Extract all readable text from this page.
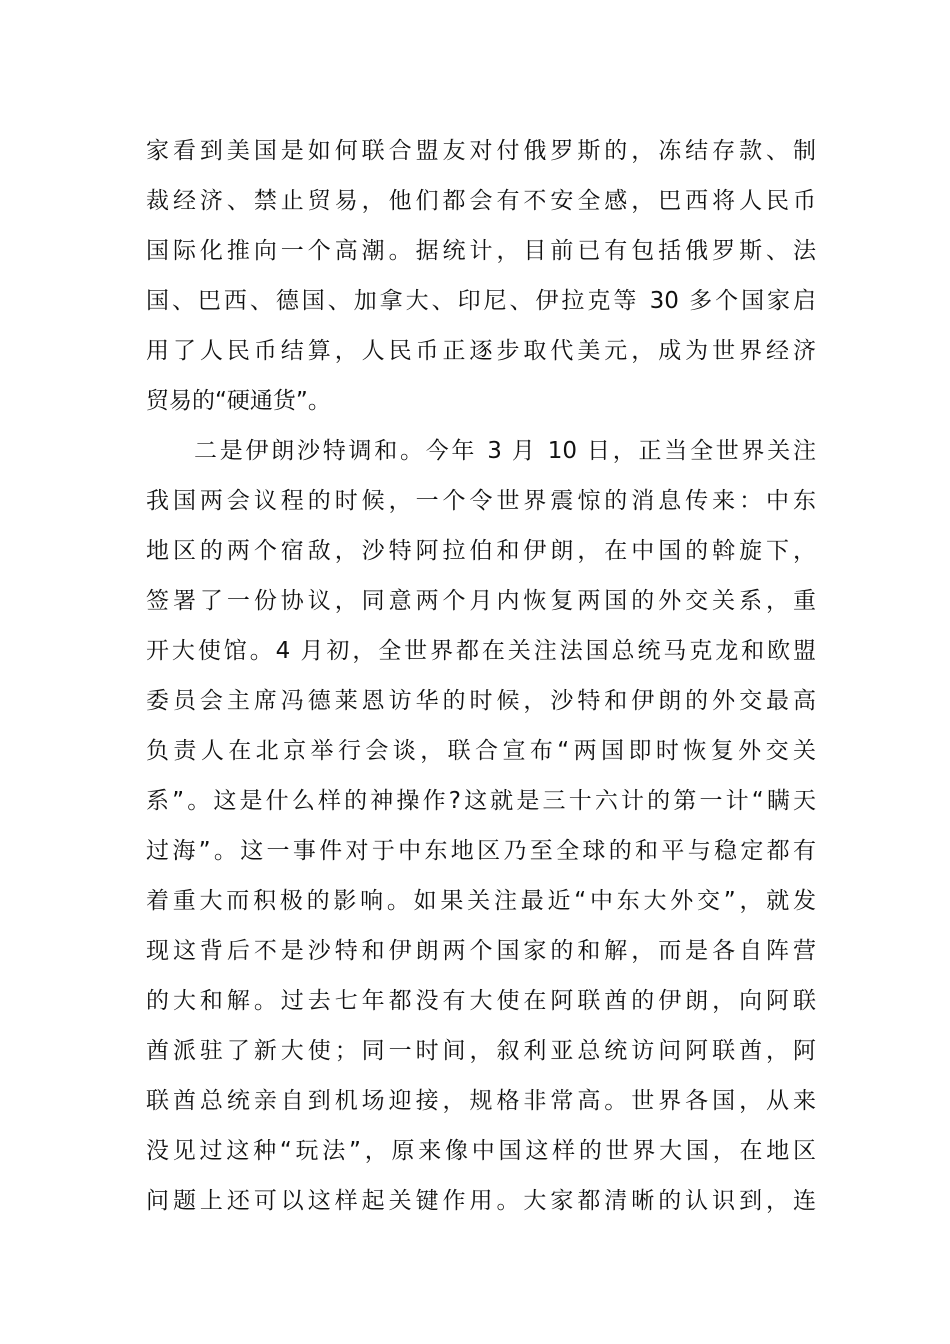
家看到美国是如何联合盟友对付俄罗斯的，冻结存款、制
裁经济、禁止贸易，他们都会有不安全感，巴西将人民币
国际化推向一个高潮。据统计，目前已有包括俄罗斯、法
国、巴西、德国、加拿大、印尼、伊拉克等 30 多个国家启
用了人民币结算，人民币正逐步取代美元，成为世界经济
贸易的“硬通货”。
二是伊朗沙特调和。今年 3 月 10 日，正当全世界关注
我国两会议程的时候，一个令世界震惊的消息传来：中东
地区的两个宿敌，沙特阿拉伯和伊朗，在中国的斡旋下，
签署了一份协议，同意两个月内恢复两国的外交关系，重
开大使馆。4 月初，全世界都在关注法国总统马克龙和欧盟
委员会主席冯德莱恩访华的时候，沙特和伊朗的外交最高
负责人在北京举行会谈，联合宣布“两国即时恢复外交关
系”。这是什么样的神操作?这就是三十六计的第一计“瞒天
过海”。这一事件对于中东地区乃至全球的和平与稳定都有
着重大而积极的影响。如果关注最近“中东大外交”，就发
现这背后不是沙特和伊朗两个国家的和解，而是各自阵营
的大和解。过去七年都没有大使在阿联酋的伊朗，向阿联
酋派驻了新大使；同一时间，叙利亚总统访问阿联酋，阿
联酋总统亲自到机场迎接，规格非常高。世界各国，从来
没见过这种“玩法”，原来像中国这样的世界大国，在地区
问题上还可以这样起关键作用。大家都清晰的认识到，连
